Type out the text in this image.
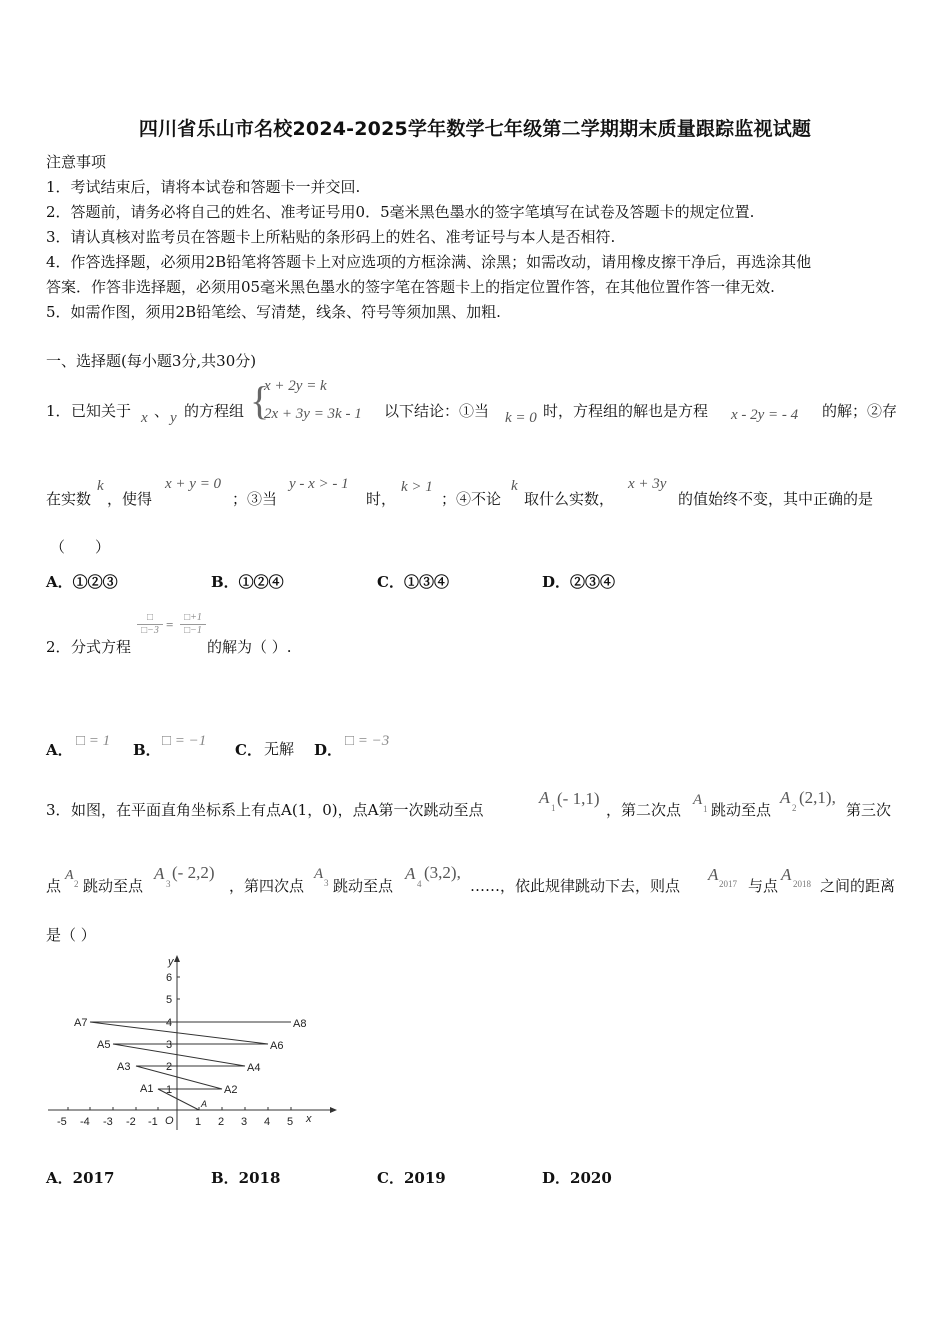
四川省乐山市名校2024-2025学年数学七年级第二学期期末质量跟踪监视试题
注意事项
1．考试结束后，请将本试卷和答题卡一并交回.
2．答题前，请务必将自己的姓名、准考证号用0．5毫米黑色墨水的签字笔填写在试卷及答题卡的规定位置.
3．请认真核对监考员在答题卡上所粘贴的条形码上的姓名、准考证号与本人是否相符.
4．作答选择题，必须用2B铅笔将答题卡上对应选项的方框涂满、涂黑；如需改动，请用橡皮擦干净后，再选涂其他
答案．作答非选择题，必须用05毫米黑色墨水的签字笔在答题卡上的指定位置作答，在其他位置作答一律无效.
5．如需作图，须用2B铅笔绘、写清楚，线条、符号等须加黑、加粗.
一、选择题(每小题3分,共30分)
1． 已知关于 x 、 y 的方程组 {
x + 2y = k
2x + 3y = 3k - 1 以下结论：①当 k = 0 时，方程组的解也是方程 x - 2y = - 4 的解；②存
在实数
k
，使得
x + y = 0
；③当
y - x > - 1
时，
k > 1
；④不论
k
取什么实数，
x + 3y
的值始终不变，其中正确的是
（　　）
A．①②③	B．①②④	C．①③④	D．②③④
2． 分式方程
□
□−3 = $\frac{□+1}{□-1}$
的解为（ ）.
A． □ = 1 B． □ = −1 C． 无解 D． □ = −3
3． 如图，在平面直角坐标系上有点A(1，0)，点A第一次跳动至点
A
1 (- 1,1)
，第二次点
A
1 跳动至点
A
2
(2,1),
第三次
点
A
2 跳动至点
A
3
(- 2,2)
，第四次点
A
3 跳动至点
A
4
(3,2),
……，依此规律跳动下去，则点
A 2017 与点
A 2018 之间的距离
是（ ）
x
y
O
-5 -4 -3 -2 -1	1 2 3 4 5
1
2
3
4
5
6
A
A1	A2
A3	A4
A5	A6
A7	A8
A．2017	B．2018	C．2019	D．2020
